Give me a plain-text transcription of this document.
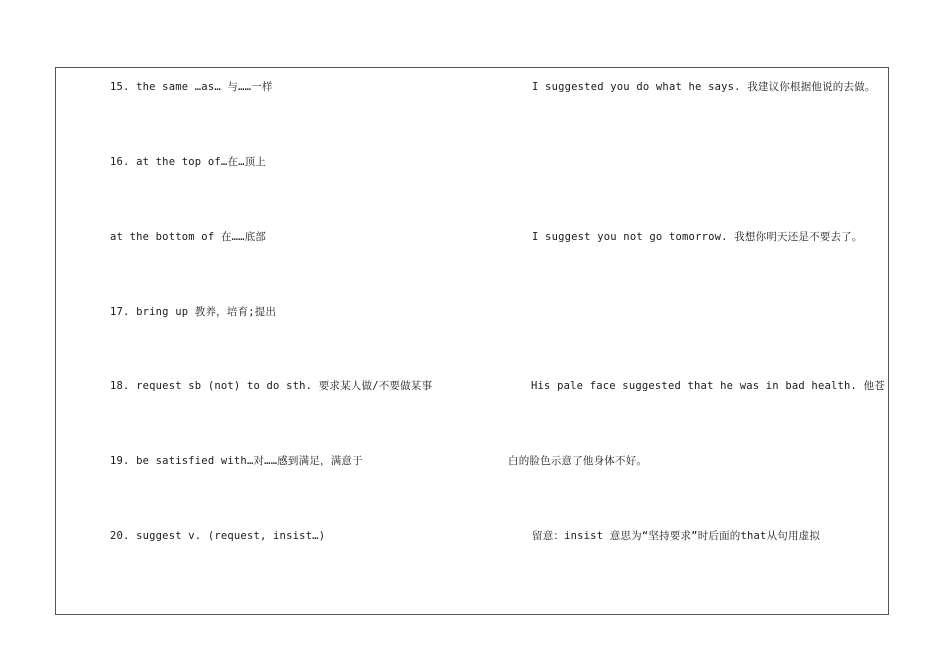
15. the same …as… 与……一样
16. at the top of…在…顶上
at the bottom of 在……底部
17. bring up 教养，培育;提出
18. request sb (not) to do sth. 要求某人做/不要做某事
19. be satisfied with…对……感到满足，满意于
20. suggest v. (request, insist…)
I suggested you do what he says. 我建议你根据他说的去做。
I suggest you not go tomorrow. 我想你明天还是不要去了。
His pale face suggested that he was in bad health. 他苍
白的脸色示意了他身体不好。
留意：insist 意思为“坚持要求”时后面的that从句用虚拟
